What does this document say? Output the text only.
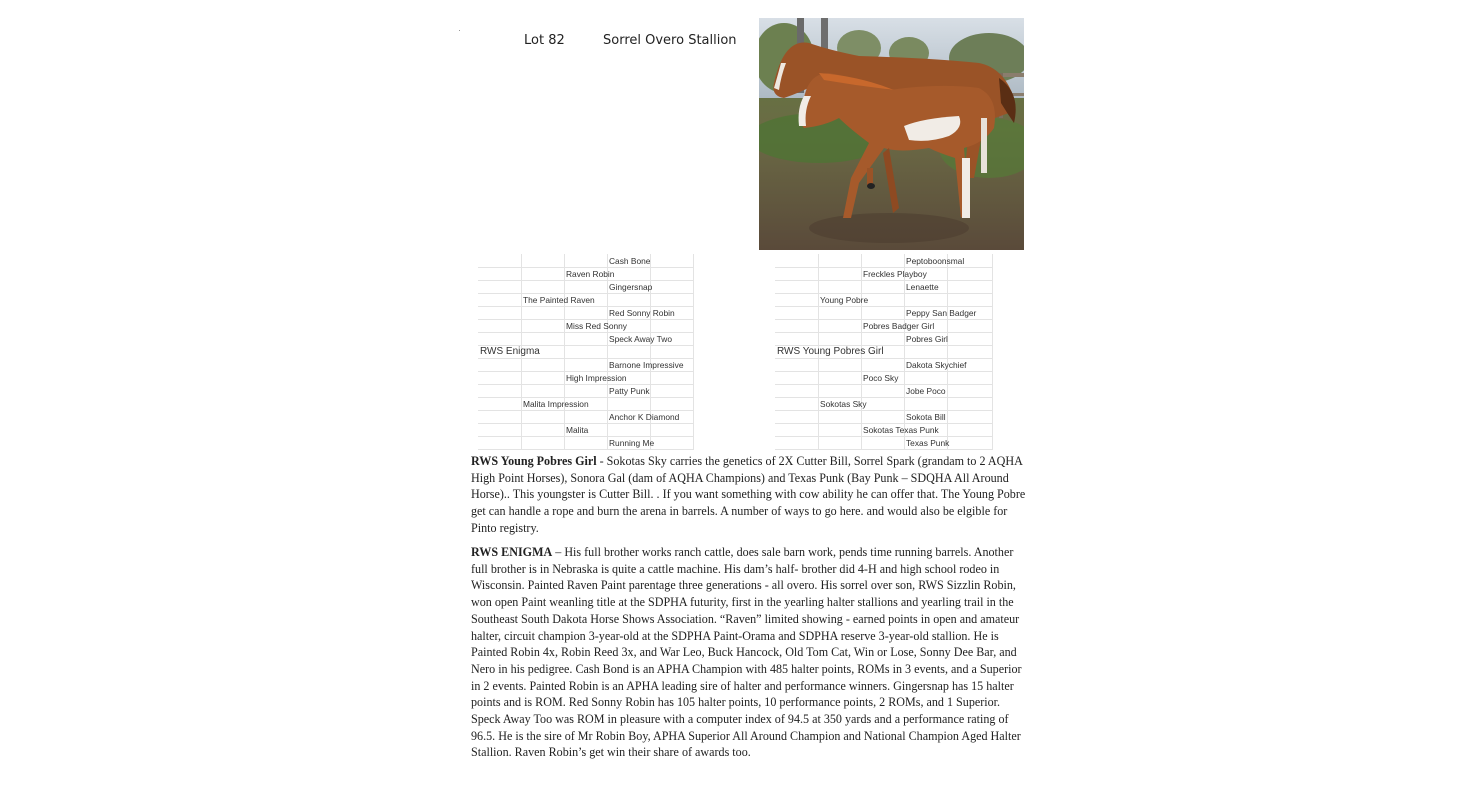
Lot 82	Sorrel Overo Stallion
Cash Bone
Raven Robin
Gingersnap
The Painted Raven
Red Sonny Robin
Miss Red Sonny
Speck Away Two
RWS Enigma
Barnone Impressive
High Impression
Patty Punk
Malita Impression
Anchor K Diamond
Malita
Running Me
Peptoboonsmal
Freckles Playboy
Lenaette
Young Pobre
Peppy San Badger
Pobres Badger Girl
Pobres Girl
RWS Young Pobres Girl
Dakota Skychief
Poco Sky
Jobe Poco
Sokotas Sky
Sokota Bill
Sokotas Texas Punk
Texas Punk
RWS Young Pobres Girl - Sokotas Sky carries the genetics of 2X Cutter Bill, Sorrel Spark (grandam to 2 AQHA High Point Horses), Sonora Gal (dam of AQHA Champions) and Texas Punk (Bay Punk – SDQHA All Around Horse).. This youngster is Cutter Bill. . If you want something with cow ability he can offer that. The Young Pobre get can handle a rope and burn the arena in barrels. A number of ways to go here. and would also be elgible for Pinto registry.
RWS ENIGMA – His full brother works ranch cattle, does sale barn work, pends time running barrels. Another full brother is in Nebraska is quite a cattle machine. His dam’s half- brother did 4-H and high school rodeo in Wisconsin. Painted Raven Paint parentage three generations - all overo. His sorrel over son, RWS Sizzlin Robin, won open Paint weanling title at the SDPHA futurity, first in the yearling halter stallions and yearling trail in the Southeast South Dakota Horse Shows Association. “Raven” limited showing - earned points in open and amateur halter, circuit champion 3-year-old at the SDPHA Paint-Orama and SDPHA reserve 3-year-old stallion. He is Painted Robin 4x, Robin Reed 3x, and War Leo, Buck Hancock, Old Tom Cat, Win or Lose, Sonny Dee Bar, and Nero in his pedigree. Cash Bond is an APHA Champion with 485 halter points, ROMs in 3 events, and a Superior in 2 events. Painted Robin is an APHA leading sire of halter and performance winners. Gingersnap has 15 halter points and is ROM. Red Sonny Robin has 105 halter points, 10 performance points, 2 ROMs, and 1 Superior. Speck Away Too was ROM in pleasure with a computer index of 94.5 at 350 yards and a performance rating of 96.5. He is the sire of Mr Robin Boy, APHA Superior All Around Champion and National Champion Aged Halter Stallion. Raven Robin’s get win their share of awards too.
